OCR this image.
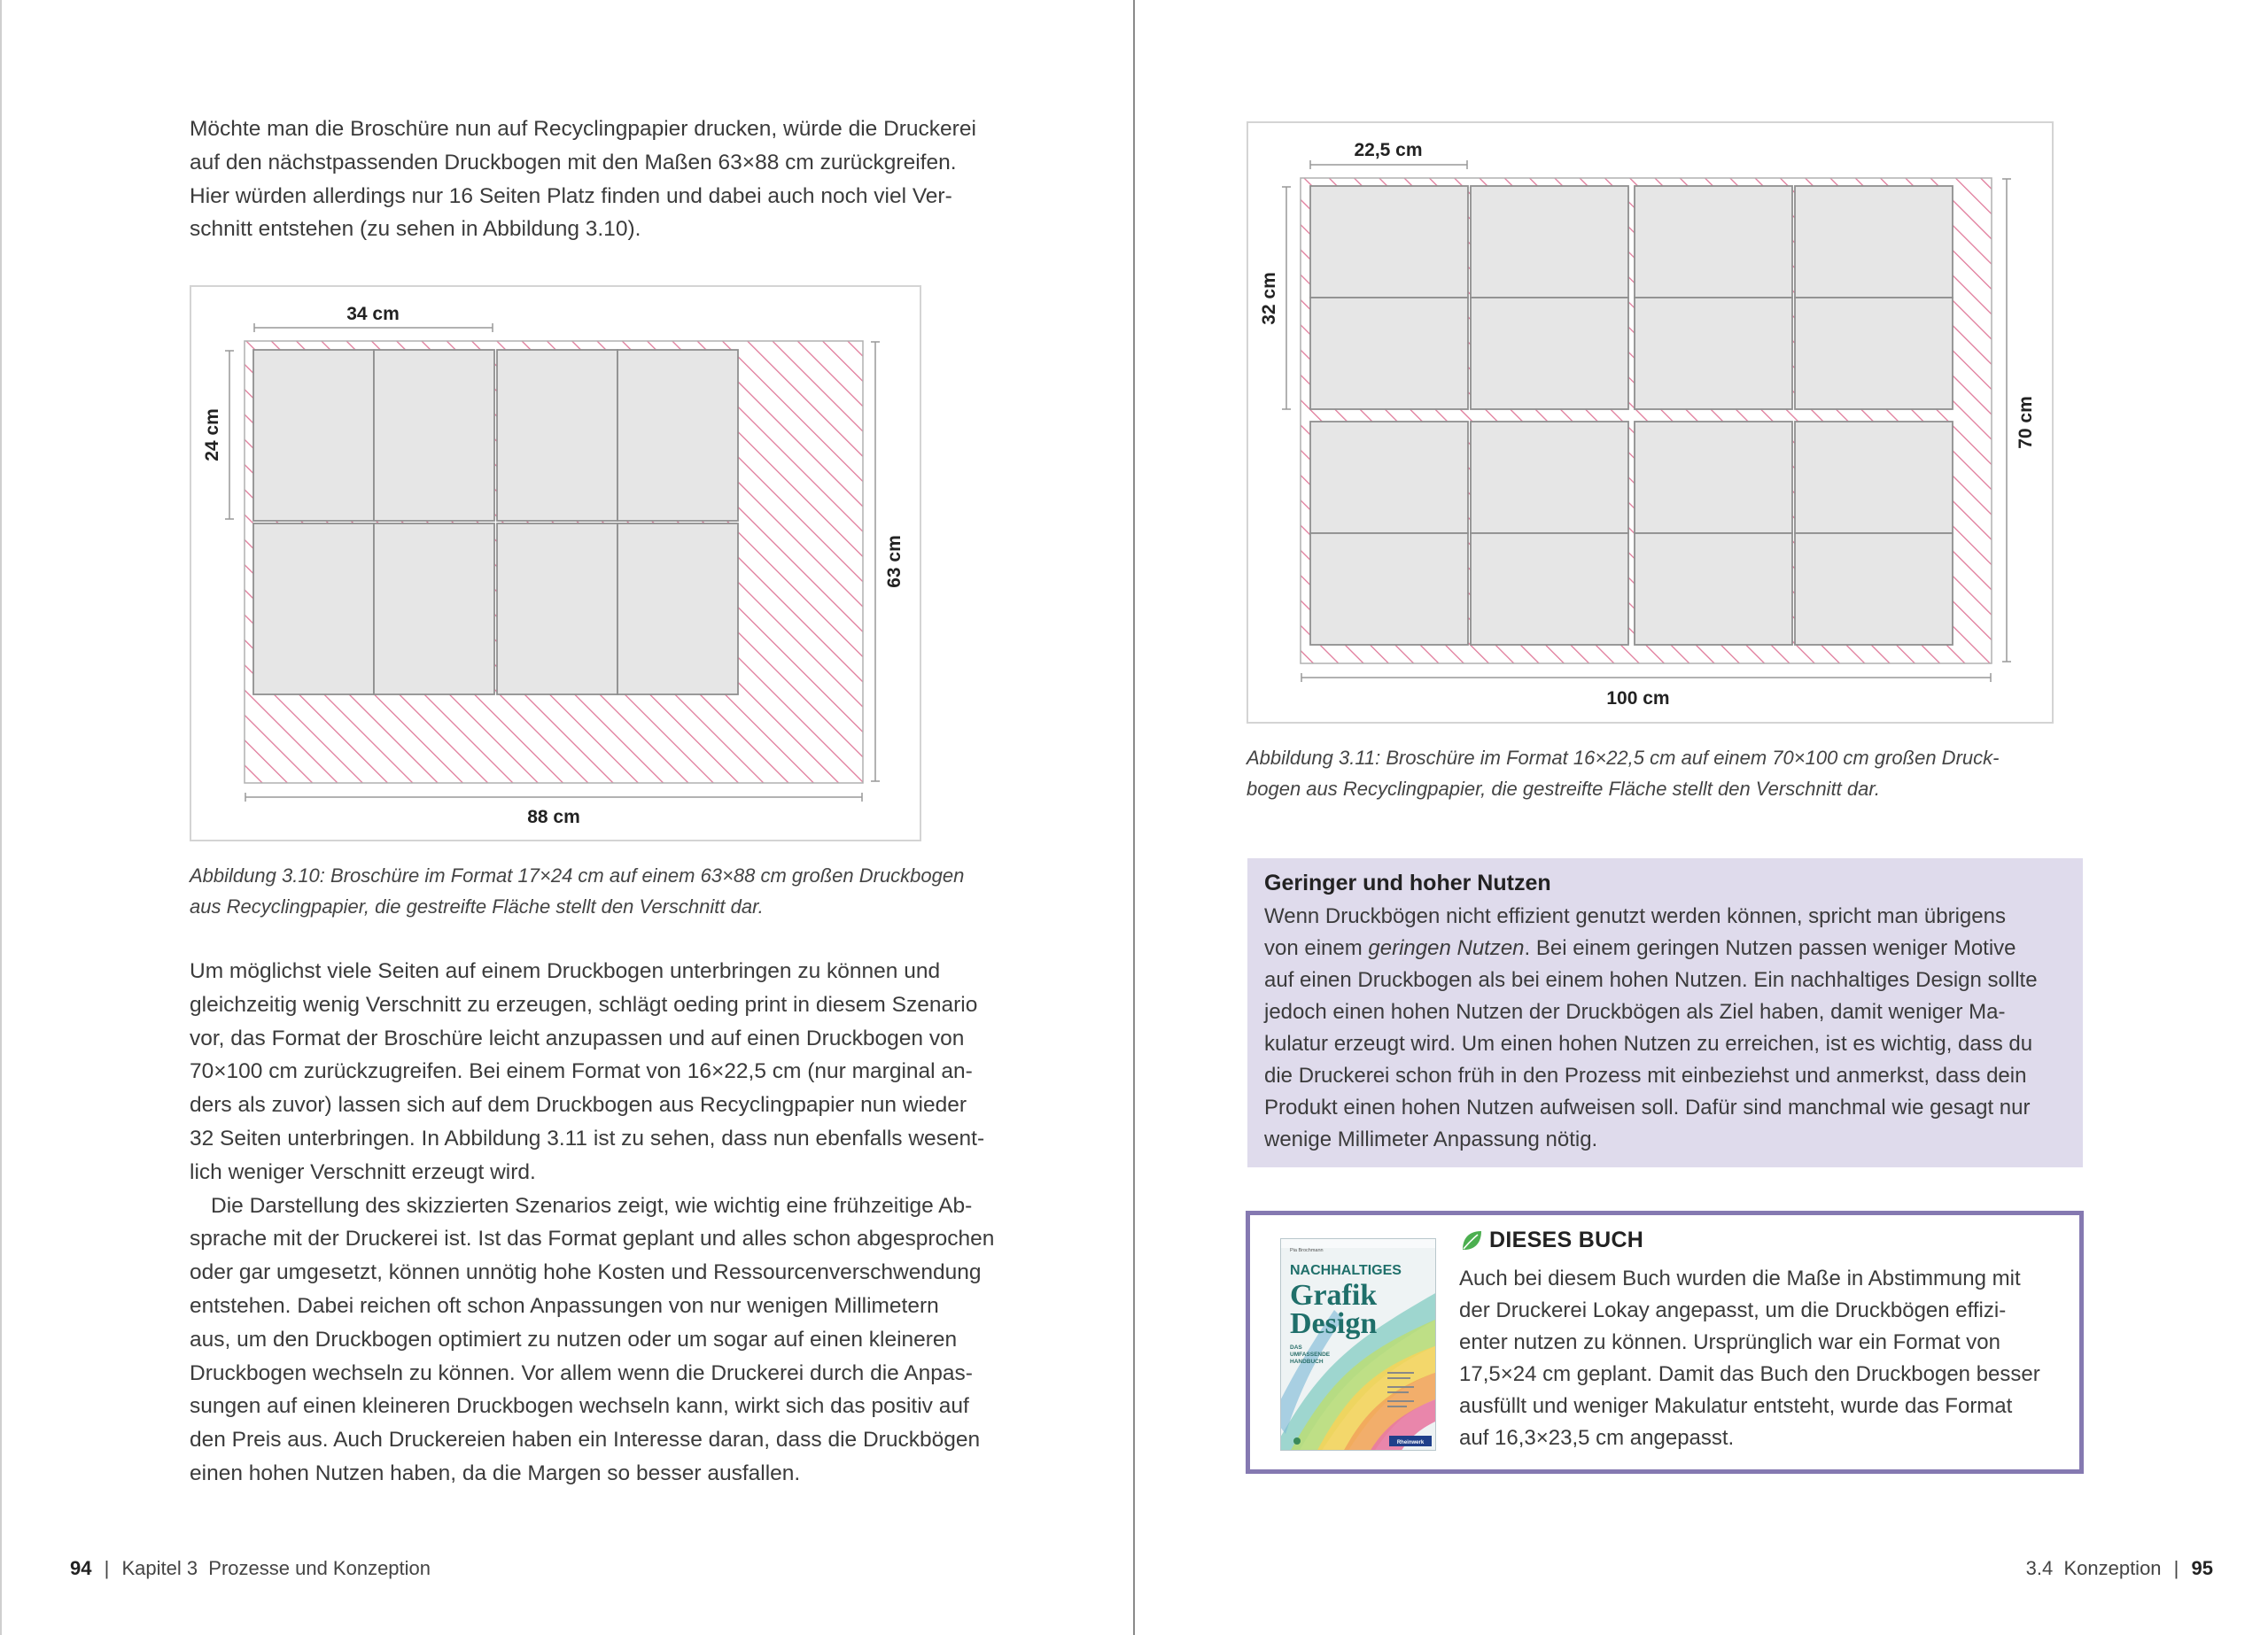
Möchte man die Broschüre nun auf Recyclingpapier drucken, würde die Druckerei

auf den nächstpassenden Druckbogen mit den Maßen 63×88 cm zurückgreifen.

Hier würden allerdings nur 16 Seiten Platz finden und dabei auch noch viel Ver-

schnitt entstehen (zu sehen in Abbildung 3.10).

34 cm
24 cm
63 cm
88 cm
Abbildung 3.10: Broschüre im Format 17×24 cm auf einem 63×88 cm großen Druckbogen
aus Recyclingpapier, die gestreifte Fläche stellt den Verschnitt dar.

Um möglichst viele Seiten auf einem Druckbogen unterbringen zu können und

gleichzeitig wenig Verschnitt zu erzeugen, schlägt oeding print in diesem Szenario

vor, das Format der Broschüre leicht anzupassen und auf einen Druckbogen von

70×100 cm zurückzugreifen. Bei einem Format von 16×22,5 cm (nur marginal an-

ders als zuvor) lassen sich auf dem Druckbogen aus Recyclingpapier nun wieder

32 Seiten unterbringen. In Abbildung 3.11 ist zu sehen, dass nun ebenfalls wesent-

lich weniger Verschnitt erzeugt wird.

Die Darstellung des skizzierten Szenarios zeigt, wie wichtig eine frühzeitige Ab-

sprache mit der Druckerei ist. Ist das Format geplant und alles schon abgesprochen

oder gar umgesetzt, können unnötig hohe Kosten und Ressourcenverschwendung

entstehen. Dabei reichen oft schon Anpassungen von nur wenigen Millimetern

aus, um den Druckbogen optimiert zu nutzen oder um sogar auf einen kleineren

Druckbogen wechseln zu können. Vor allem wenn die Druckerei durch die Anpas-

sungen auf einen kleineren Druckbogen wechseln kann, wirkt sich das positiv auf

den Preis aus. Auch Druckereien haben ein Interesse daran, dass die Druckbögen

einen hohen Nutzen haben, da die Margen so besser ausfallen.

94 | Kapitel 3  Prozesse und Konzeption
22,5 cm
32 cm
70 cm
100 cm
Abbildung 3.11: Broschüre im Format 16×22,5 cm auf einem 70×100 cm großen Druck-
bogen aus Recyclingpapier, die gestreifte Fläche stellt den Verschnitt dar.
Geringer und hoher Nutzen
Wenn Druckbögen nicht effizient genutzt werden können, spricht man übrigens
von einem geringen Nutzen. Bei einem geringen Nutzen passen weniger Motive
auf einen Druckbogen als bei einem hohen Nutzen. Ein nachhaltiges Design sollte
jedoch einen hohen Nutzen der Druckbögen als Ziel haben, damit weniger Ma-
kulatur erzeugt wird. Um einen hohen Nutzen zu erreichen, ist es wichtig, dass du
die Druckerei schon früh in den Prozess mit einbeziehst und anmerkst, dass dein
Produkt einen hohen Nutzen aufweisen soll. Dafür sind manchmal wie gesagt nur
wenige Millimeter Anpassung nötig.
Pia Brochmann
NACHHALTIGES
Grafik
Design
DAS
UMFASSENDE
HANDBUCH
Rheinwerk
DIESES BUCH
Auch bei diesem Buch wurden die Maße in Abstimmung mit
der Druckerei Lokay angepasst, um die Druckbögen effizi-
enter nutzen zu können. Ursprünglich war ein Format von
17,5×24 cm geplant. Damit das Buch den Druckbogen besser
ausfüllt und weniger Makulatur entsteht, wurde das Format
auf 16,3×23,5 cm angepasst.
3.4  Konzeption | 95
